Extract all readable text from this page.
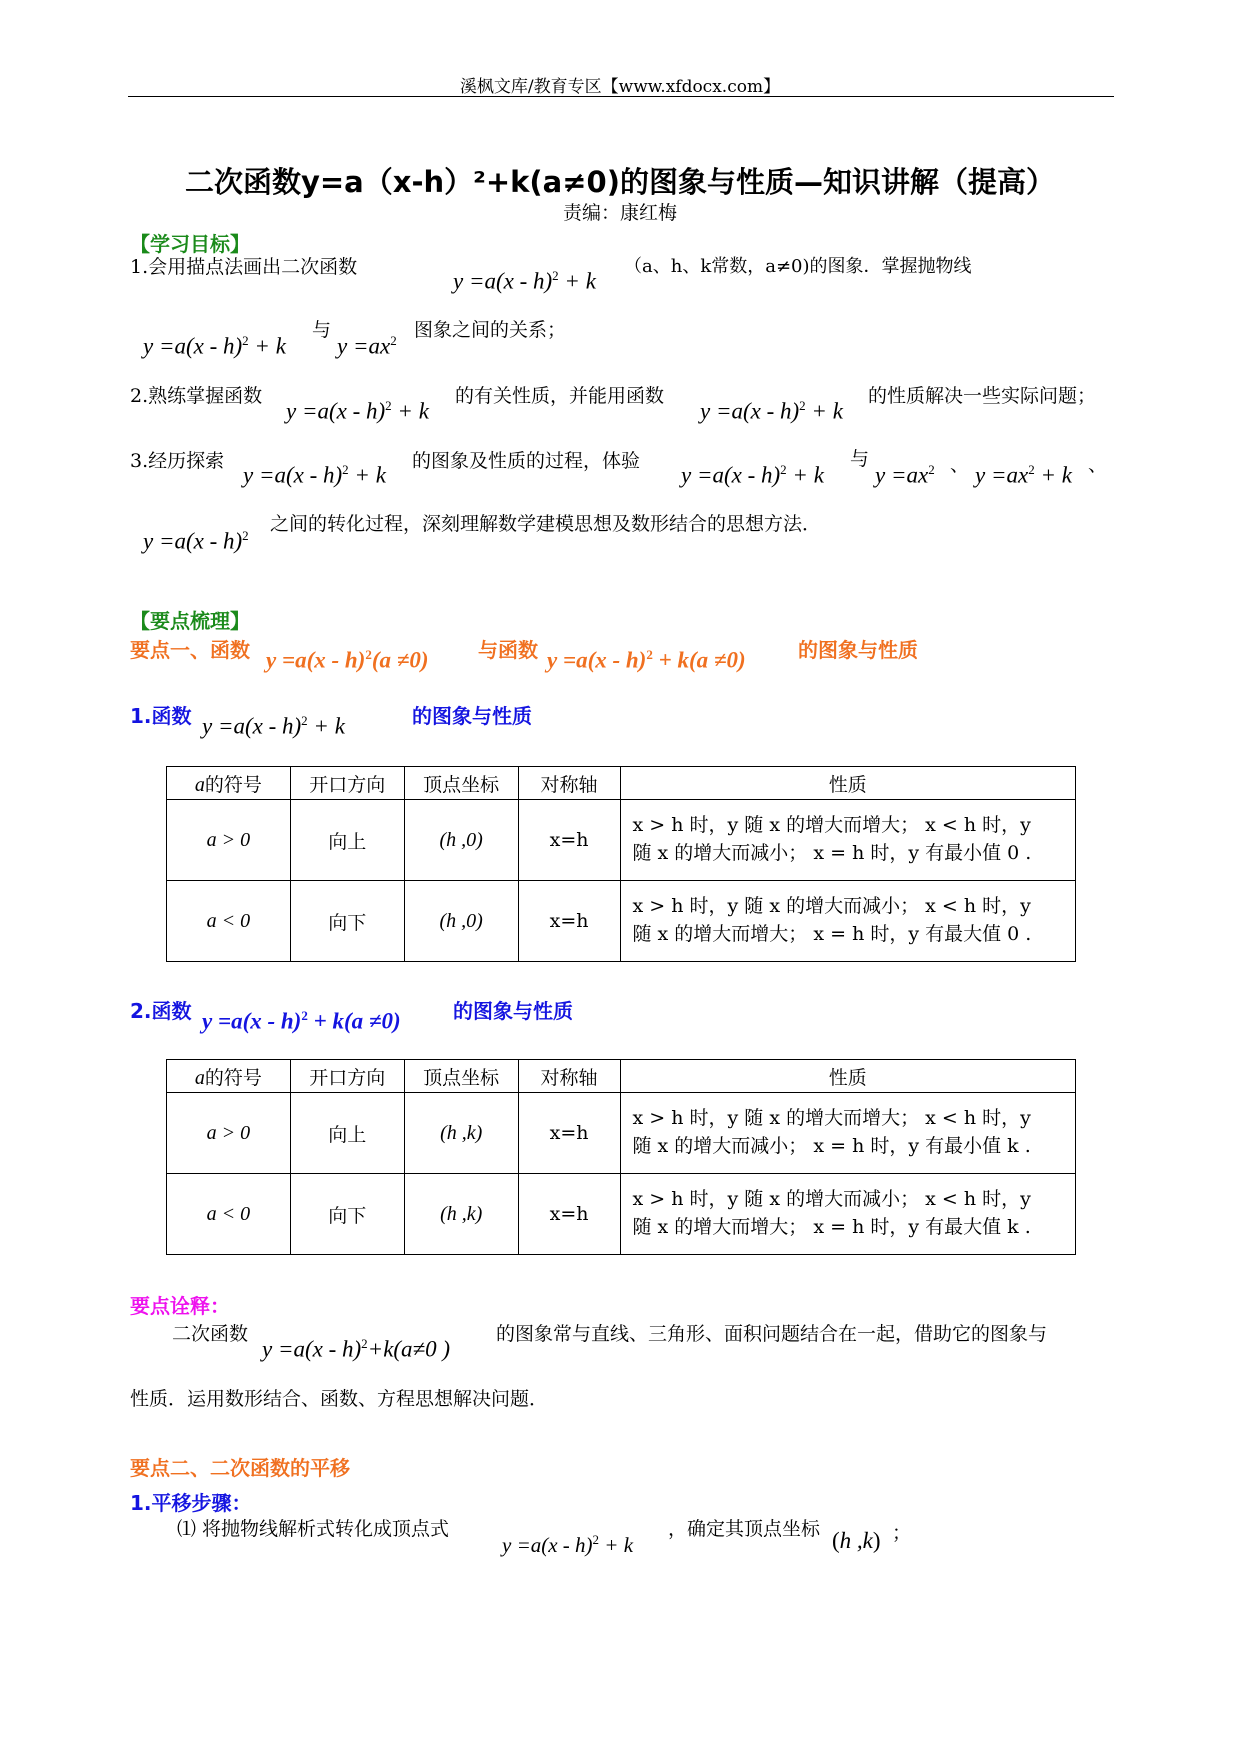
溪枫文库/教育专区【www.xfdocx.com】
二次函数y=a（x-h）²+k(a≠0)的图象与性质—知识讲解（提高）
责编：康红梅
【学习目标】
1.会用描点法画出二次函数
y =a(x - h)$^2$ + k
（a、h、k常数，a≠0)的图象．掌握抛物线
y =a(x - h)$^2$ + k
与
$y =ax^2$ 图象之间的关系；
2.熟练掌握函数
y =a(x - h)$^2$ + k
的有关性质，并能用函数
y =a(x - h)$^2$ + k
的性质解决一些实际问题；
3.经历探索
y =a(x - h)$^2$ + k
的图象及性质的过程，体验
y =a(x - h)$^2$ + k
与
$y =ax^2$ 、 $y =ax^2 + k$ 、
y =a(x - h)$^2$
之间的转化过程，深刻理解数学建模思想及数形结合的思想方法．
【要点梳理】
要点一、函数 y =a(x - h)$^2$(a ≠0) 与函数 y =a(x - h)$^2$ + k(a ≠0)	的图象与性质
1.函数 y =a(x - h)$^2$ + k	的图象与性质
a的符号	开口方向	顶点坐标	对称轴	性质
a > 0	向上	(h ,0)	x=h	x > h 时，y 随 x 的增大而增大； x < h 时，y
随 x 的增大而减小； x = h 时，y 有最小值 0 .

a < 0	向下	(h ,0)	x=h	x > h 时，y 随 x 的增大而减小； x < h 时，y
随 x 的增大而增大； x = h 时，y 有最大值 0 .
2.函数 y =a(x - h)$^2$ + k(a ≠0)	的图象与性质
a的符号	开口方向	顶点坐标	对称轴	性质
a > 0	向上	(h ,k)	x=h	x > h 时，y 随 x 的增大而增大； x < h 时，y
随 x 的增大而减小； x = h 时，y 有最小值 k .

a < 0	向下	(h ,k)	x=h	x > h 时，y 随 x 的增大而减小； x < h 时，y
随 x 的增大而增大； x = h 时，y 有最大值 k .
要点诠释：
二次函数
y =a(x - h)$^2$+k(a≠0 )
的图象常与直线、三角形、面积问题结合在一起，借助它的图象与
性质．运用数形结合、函数、方程思想解决问题．
要点二、二次函数的平移
1.平移步骤：
⑴ 将抛物线解析式转化成顶点式
y =a(x - h)$^2$ + k
，确定其顶点坐标 (h ,k) ；
